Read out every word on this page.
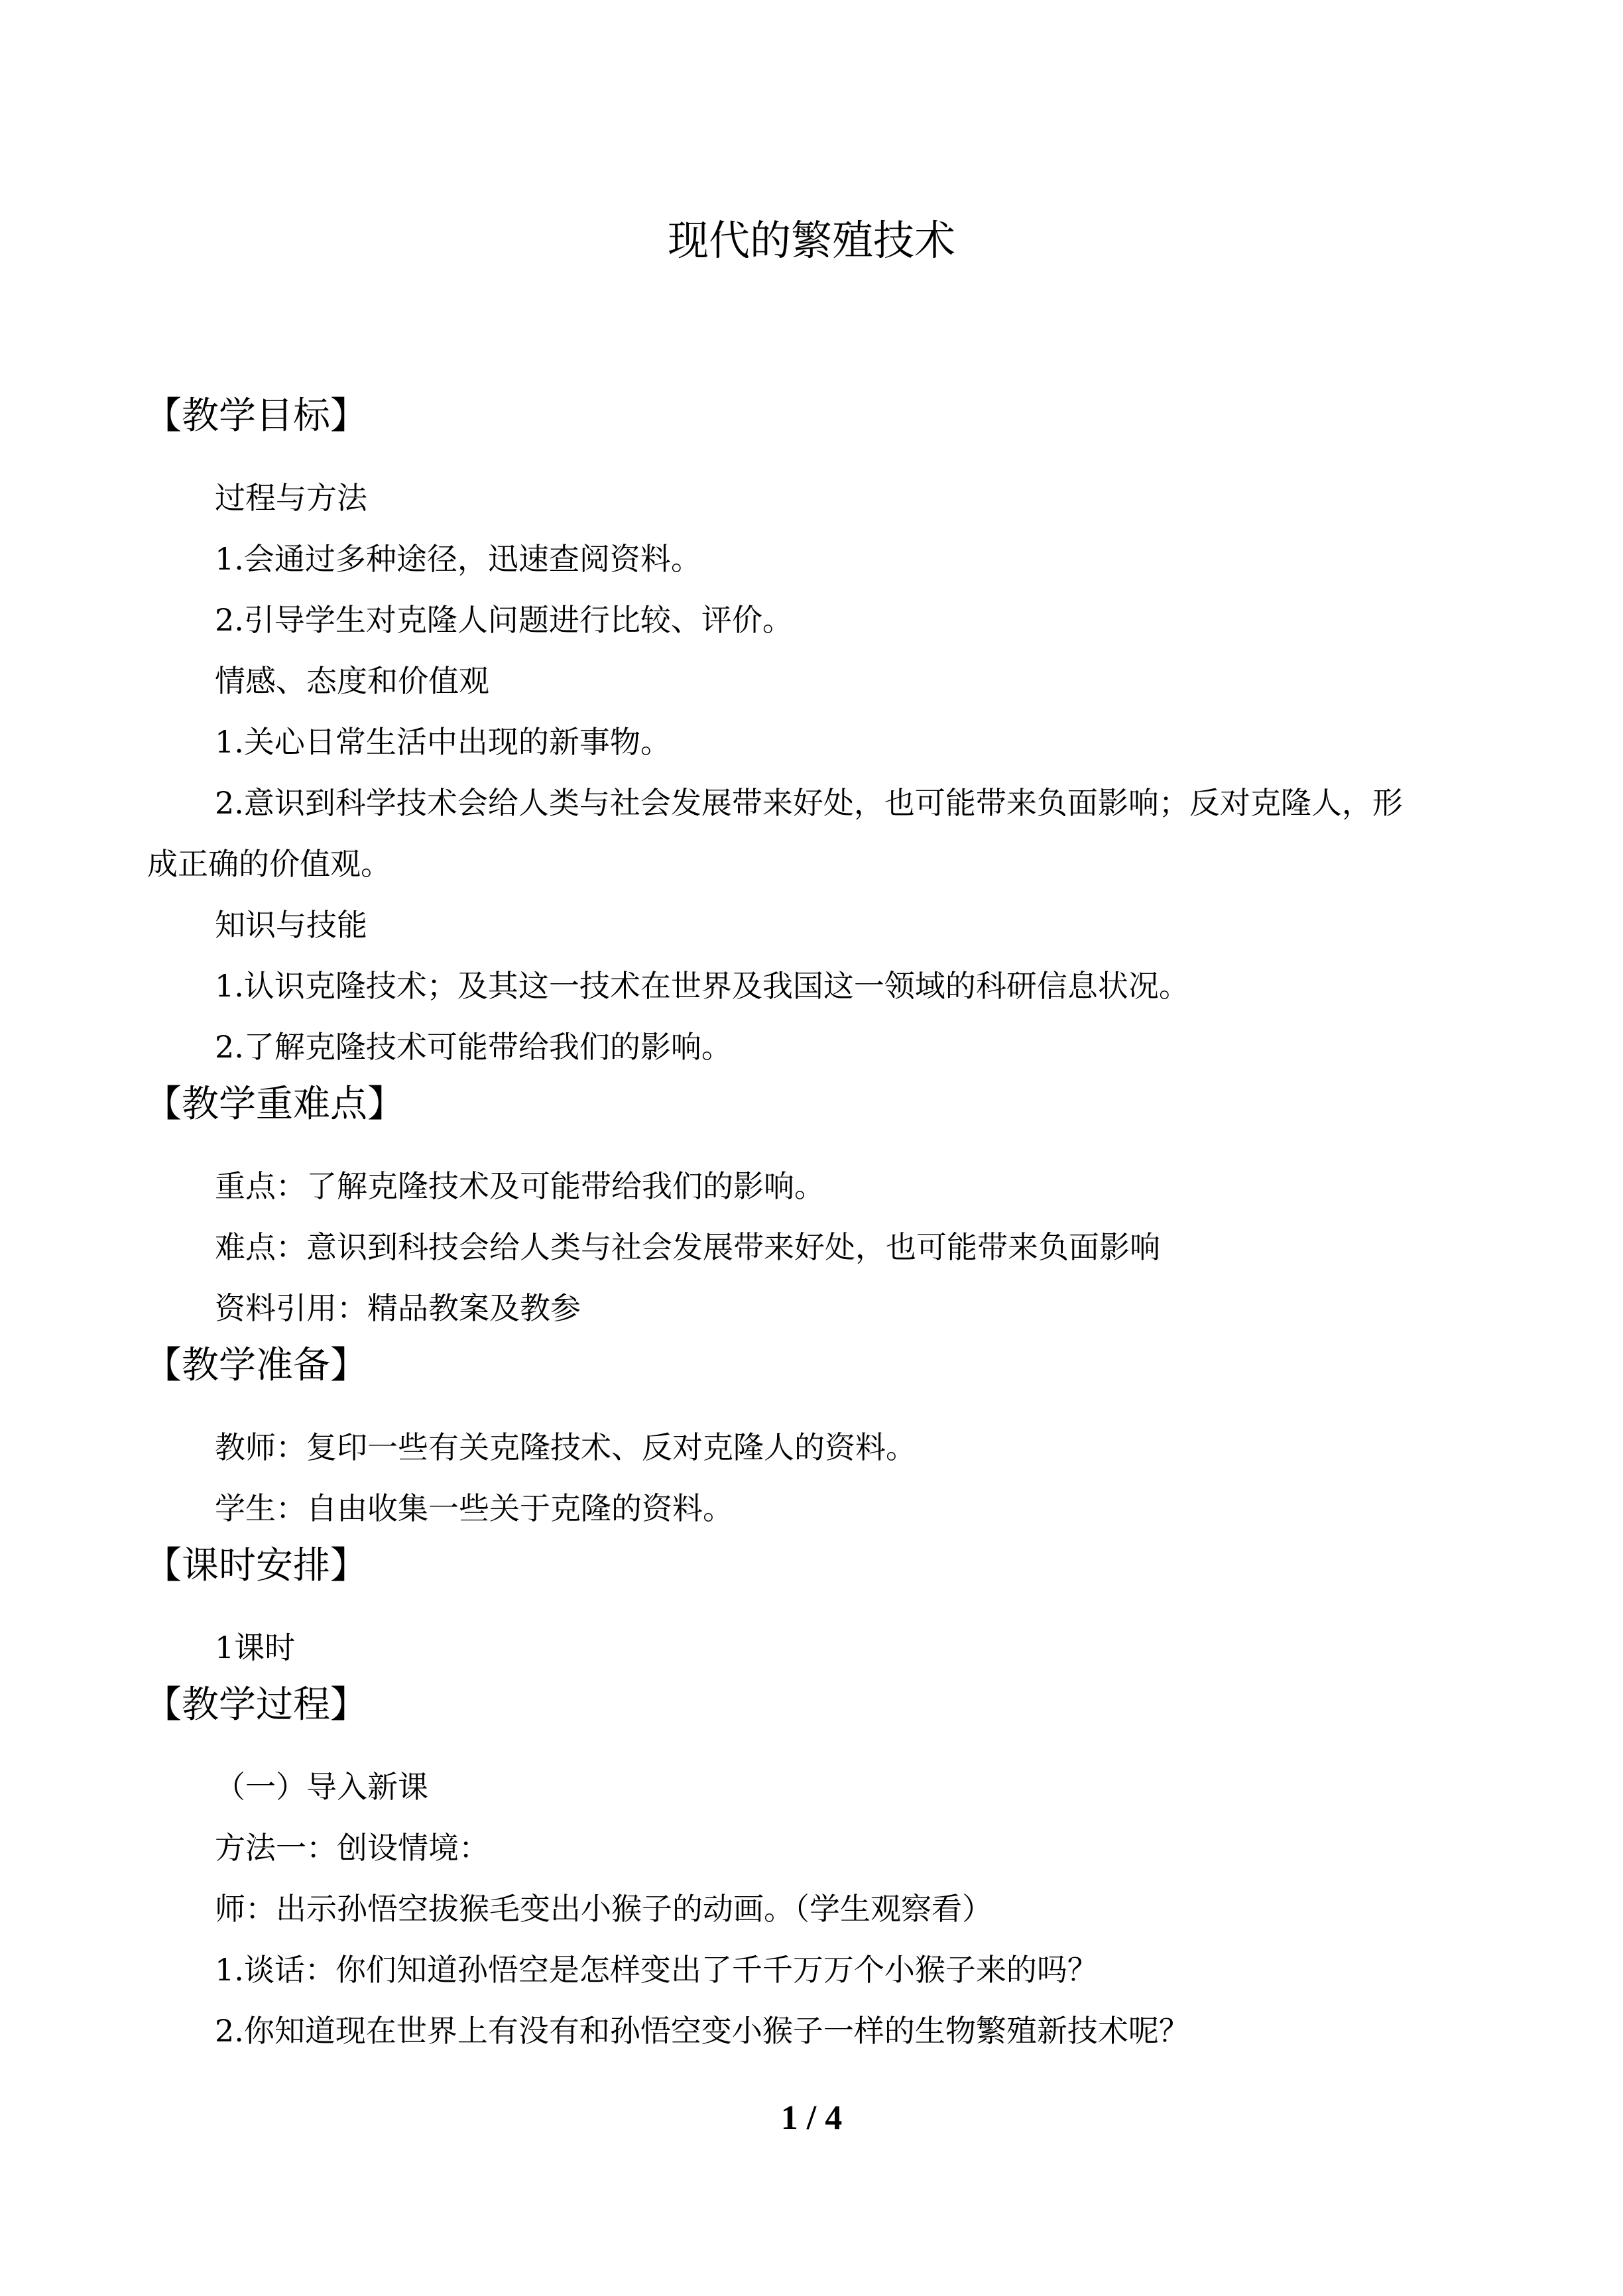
现代的繁殖技术
【教学目标】
过程与方法
1.会通过多种途径，迅速查阅资料。
2.引导学生对克隆人问题进行比较、评价。
情感、态度和价值观
1.关心日常生活中出现的新事物。
2.意识到科学技术会给人类与社会发展带来好处，也可能带来负面影响；反对克隆人，形
成正确的价值观。
知识与技能
1.认识克隆技术；及其这一技术在世界及我国这一领域的科研信息状况。
2.了解克隆技术可能带给我们的影响。
【教学重难点】
重点：了解克隆技术及可能带给我们的影响。
难点：意识到科技会给人类与社会发展带来好处，也可能带来负面影响
资料引用：精品教案及教参
【教学准备】
教师：复印一些有关克隆技术、反对克隆人的资料。
学生：自由收集一些关于克隆的资料。
【课时安排】
1课时
【教学过程】
（一）导入新课
方法一：创设情境：
师：出示孙悟空拔猴毛变出小猴子的动画。（学生观察看）
1.谈话：你们知道孙悟空是怎样变出了千千万万个小猴子来的吗？
2.你知道现在世界上有没有和孙悟空变小猴子一样的生物繁殖新技术呢？
1 / 4
